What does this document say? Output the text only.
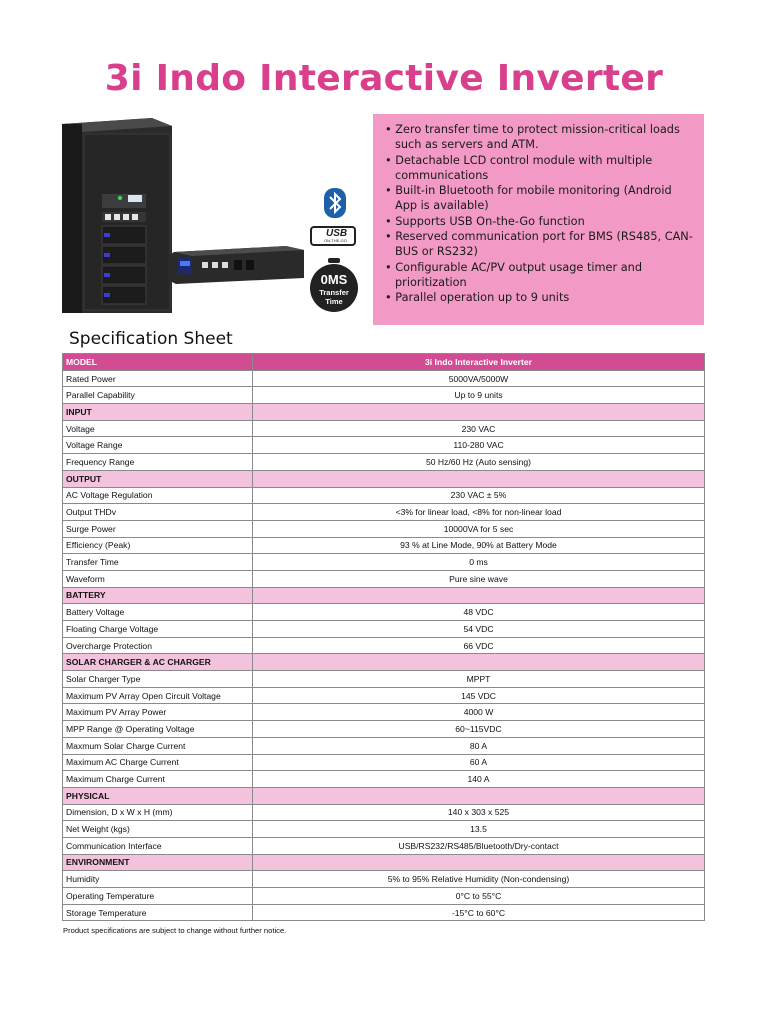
3i Indo Interactive Inverter
USB
ON-THE-GO
0MS
Transfer
Time
• Zero transfer time to protect mission-critical loads such as servers and ATM.
• Detachable LCD control module with multiple communications
• Built-in Bluetooth for mobile monitoring (Android App is available)
• Supports USB On-the-Go function
• Reserved communication port for BMS (RS485, CAN-BUS or RS232)
• Configurable AC/PV output usage timer and prioritization
• Parallel operation up to 9 units
Specification Sheet
MODEL	3i Indo Interactive Inverter
Rated Power	5000VA/5000W
Parallel Capability	Up to 9 units
INPUT	
Voltage	230 VAC
Voltage Range	110-280 VAC
Frequency Range	50 Hz/60 Hz (Auto sensing)
OUTPUT	
AC Voltage Regulation	230 VAC ± 5%
Output THDv	<3% for linear load, <8% for non-linear load
Surge Power	10000VA for 5 sec
Efficiency (Peak)	93 % at Line Mode, 90% at Battery Mode
Transfer Time	0 ms
Waveform	Pure sine wave
BATTERY	
Battery Voltage	48 VDC
Floating Charge Voltage	54 VDC
Overcharge Protection	66 VDC
SOLAR CHARGER & AC CHARGER	
Solar Charger Type	MPPT
Maximum PV Array Open Circuit Voltage	145 VDC
Maximum PV Array Power	4000 W
MPP Range @ Operating Voltage	60~115VDC
Maxmum Solar Charge Current	80 A
Maximum AC Charge Current	60 A
Maximum Charge Current	140 A
PHYSICAL	
Dimension, D x W x H (mm)	140 x 303 x 525
Net Weight (kgs)	13.5
Communication Interface	USB/RS232/RS485/Bluetooth/Dry-contact
ENVIRONMENT	
Humidity	5% to 95% Relative Humidity (Non-condensing)
Operating Temperature	0°C to 55°C
Storage Temperature	-15°C to 60°C
Product specifications are subject to change without further notice.
